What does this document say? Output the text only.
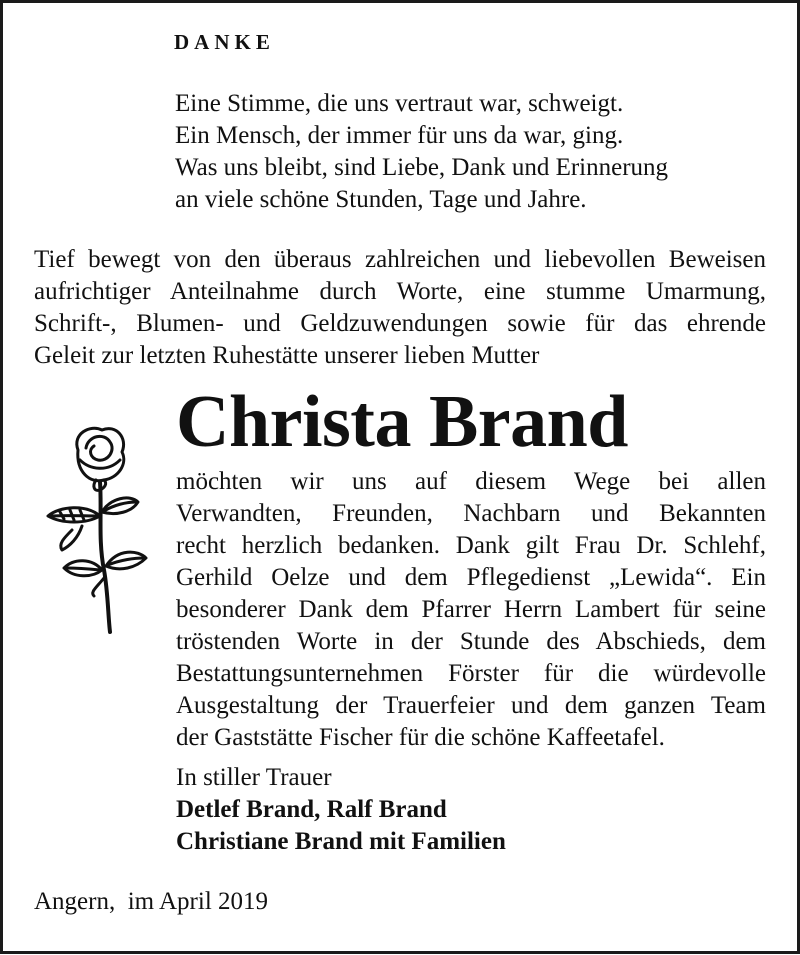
DANKE
Eine Stimme, die uns vertraut war, schweigt.
Ein Mensch, der immer für uns da war, ging.
Was uns bleibt, sind Liebe, Dank und Erinnerung
an viele schöne Stunden, Tage und Jahre.
Tief bewegt von den überaus zahlreichen und liebevollen Beweisen
aufrichtiger Anteilnahme durch Worte, eine stumme Umarmung,
Schrift-, Blumen- und Geldzuwendungen sowie für das ehrende
Geleit zur letzten Ruhestätte unserer lieben Mutter
Christa Brand
möchten wir uns auf diesem Wege bei allen
Verwandten, Freunden, Nachbarn und Bekannten
recht herzlich bedanken. Dank gilt Frau Dr. Schlehf,
Gerhild Oelze und dem Pflegedienst „Lewida“. Ein
besonderer Dank dem Pfarrer Herrn Lambert für seine
tröstenden Worte in der Stunde des Abschieds, dem
Bestattungsunternehmen Förster für die würdevolle
Ausgestaltung der Trauerfeier und dem ganzen Team
der Gaststätte Fischer für die schöne Kaffeetafel.
In stiller Trauer
Detlef Brand, Ralf Brand
Christiane Brand mit Familien
Angern,  im April 2019
